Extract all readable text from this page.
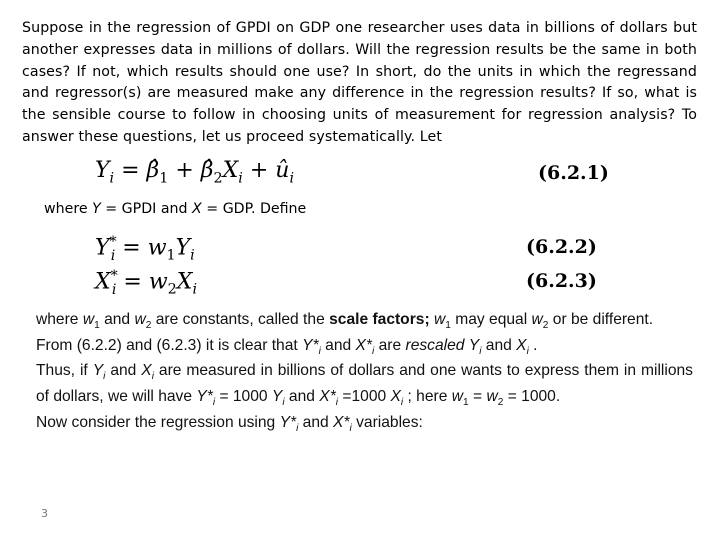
Suppose in the regression of GPDI on GDP one researcher uses data in billions of dollars but another expresses data in millions of dollars. Will the regression results be the same in both cases? If not, which results should one use? In short, do the units in which the regressand and regressor(s) are measured make any difference in the regression results? If so, what is the sensible course to follow in choosing units of measurement for regression analysis? To answer these questions, let us proceed systematically. Let
$Y_i$ = $\betâ_1$ + $\betâ_2X_i$ + $û_i$	(6.2.1)
where Y = GPDI and X = GDP. Define
$Y^*_i = w_1Y_i$	(6.2.2)
$X^*_i = w_2X_i$	(6.2.3)

where $w_1$ and $w_2$ are constants, called the scale factors; $w_1$ may equal $w_2$ or be different.

From (6.2.2) and (6.2.3) it is clear that $Y*_i$ and $X*_i$ are rescaled $Y_i$ and $X_i$ .

Thus, if $Y_i$ and $X_i$ are measured in billions of dollars and one wants to express them in millions of dollars, we will have $Y*_i = 1000$ $Y_i$ and $X*_i =1000$ $X_i$ ; here $w_1 = w_2 = 1000$.

Now consider the regression using $Y*_i$ and $X*_i$ variables:

3
